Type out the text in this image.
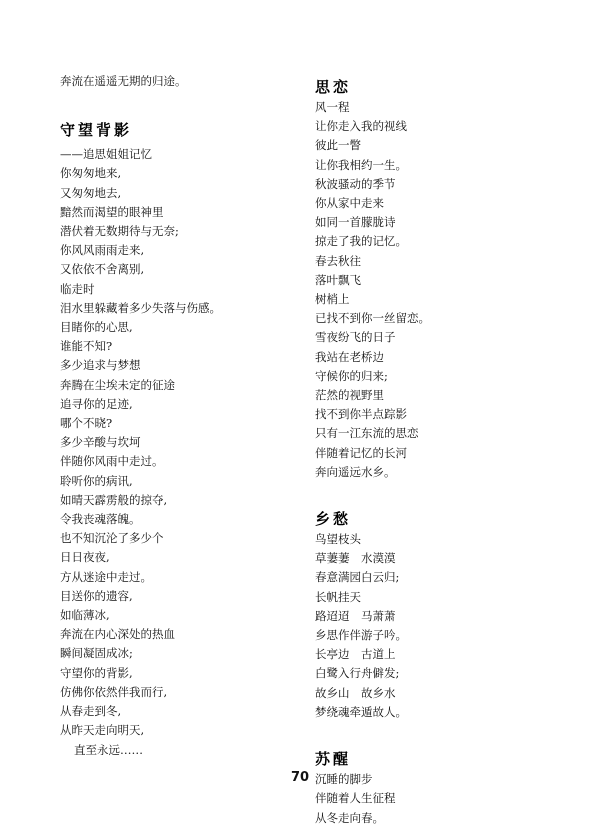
奔流在遥遥无期的归途。
守望背影
——追思姐姐记忆
你匆匆地来,
又匆匆地去,
黯然而渴望的眼神里
潜伏着无数期待与无奈;
你风风雨雨走来,
又依依不舍离别,
临走时
泪水里躲藏着多少失落与伤感。
目睹你的心思,
谁能不知?
多少追求与梦想
奔腾在尘埃未定的征途
追寻你的足迹,
哪个不晓?
多少辛酸与坎坷
伴随你风雨中走过。
聆听你的病讯,
如晴天霹雳般的掠夺,
令我丧魂落魄。
也不知沉沦了多少个
日日夜夜,
方从迷途中走过。
目送你的遗容,
如临薄冰,
奔流在内心深处的热血
瞬间凝固成冰;
守望你的背影,
仿佛你依然伴我而行,
从春走到冬,
从昨天走向明天,
直至永远……
思恋
风一程
让你走入我的视线
彼此一瞥
让你我相约一生。
秋波骚动的季节
你从家中走来
如同一首朦胧诗
掠走了我的记忆。
春去秋往
落叶飘飞
树梢上
已找不到你一丝留恋。
雪夜纷飞的日子
我站在老桥边
守候你的归来;
茫然的视野里
找不到你半点踪影
只有一江东流的思恋
伴随着记忆的长河
奔向遥远水乡。
乡愁
鸟望枝头
草萋萋　水漠漠
春意满园白云归;
长帆挂天
路迢迢　马萧萧
乡思作伴游子吟。
长亭边　古道上
白鹭入行舟僻发;
故乡山　故乡水
梦绕魂牵遁故人。
苏醒
沉睡的脚步
伴随着人生征程
从冬走向春。
70
